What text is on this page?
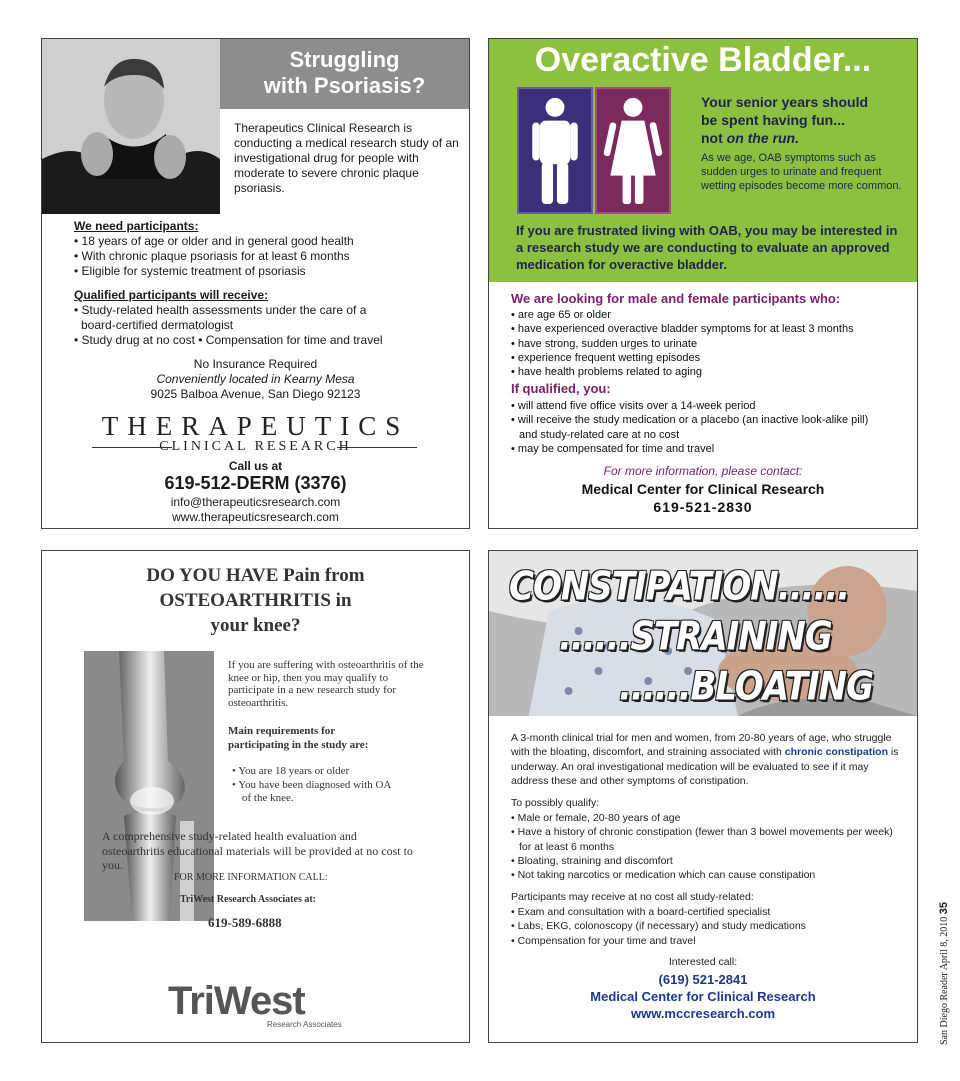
Struggling
with Psoriasis?
Therapeutics Clinical Research is conducting a medical research study of an investigational drug for people with moderate to severe chronic plaque psoriasis.
We need participants:
• 18 years of age or older and in general good health
• With chronic plaque psoriasis for at least 6 months
• Eligible for systemic treatment of psoriasis
Qualified participants will receive:
• Study-related health assessments under the care of a
board-certified dermatologist
• Study drug at no cost • Compensation for time and travel
No Insurance Required
Conveniently located in Kearny Mesa
9025 Balboa Avenue, San Diego 92123
THERAPEUTICS
CLINICAL RESEARCH
Call us at
619-512-DERM (3376)
info@therapeuticsresearch.com
www.therapeuticsresearch.com
Overactive Bladder...
Your senior years should
be spent having fun...
not on the run.
As we age, OAB symptoms such as sudden urges to urinate and frequent wetting episodes become more common.
If you are frustrated living with OAB, you may be interested in a research study we are conducting to evaluate an approved medication for overactive bladder.
We are looking for male and female participants who:
• are age 65 or older
• have experienced overactive bladder symptoms for at least 3 months
• have strong, sudden urges to urinate
• experience frequent wetting episodes
• have health problems related to aging
If qualified, you:
• will attend five office visits over a 14-week period
• will receive the study medication or a placebo (an inactive look-alike pill)
and study-related care at no cost
• may be compensated for time and travel
For more information, please contact:
Medical Center for Clinical Research
619-521-2830
DO YOU HAVE Pain from
OSTEOARTHRITIS in
your knee?
If you are suffering with osteoarthritis of the knee or hip, then you may qualify to participate in a new research study for osteoarthritis.
Main requirements for
participating in the study are:
• You are 18 years or older
• You have been diagnosed with OA
of the knee.
A comprehensive study-related health evaluation and osteoarthritis educational materials will be provided at no cost to you.
FOR MORE INFORMATION CALL:
TriWest Research Associates at:
619-589-6888
TriWest
Research Associates
CONSTIPATION......
......STRAINING
......BLOATING
A 3-month clinical trial for men and women, from 20-80 years of age, who struggle with the bloating, discomfort, and straining associated with chronic constipation is underway. An oral investigational medication will be evaluated to see if it may address these and other symptoms of constipation.
To possibly qualify:
• Male or female, 20-80 years of age
• Have a history of chronic constipation (fewer than 3 bowel movements per week)
for at least 6 months
• Bloating, straining and discomfort
• Not taking narcotics or medication which can cause constipation
Participants may receive at no cost all study-related:
• Exam and consultation with a board-certified specialist
• Labs, EKG, colonoscopy (if necessary) and study medications
• Compensation for your time and travel
Interested call:
(619) 521-2841
Medical Center for Clinical Research
www.mccresearch.com	San Diego Reader April 8, 2010 35
